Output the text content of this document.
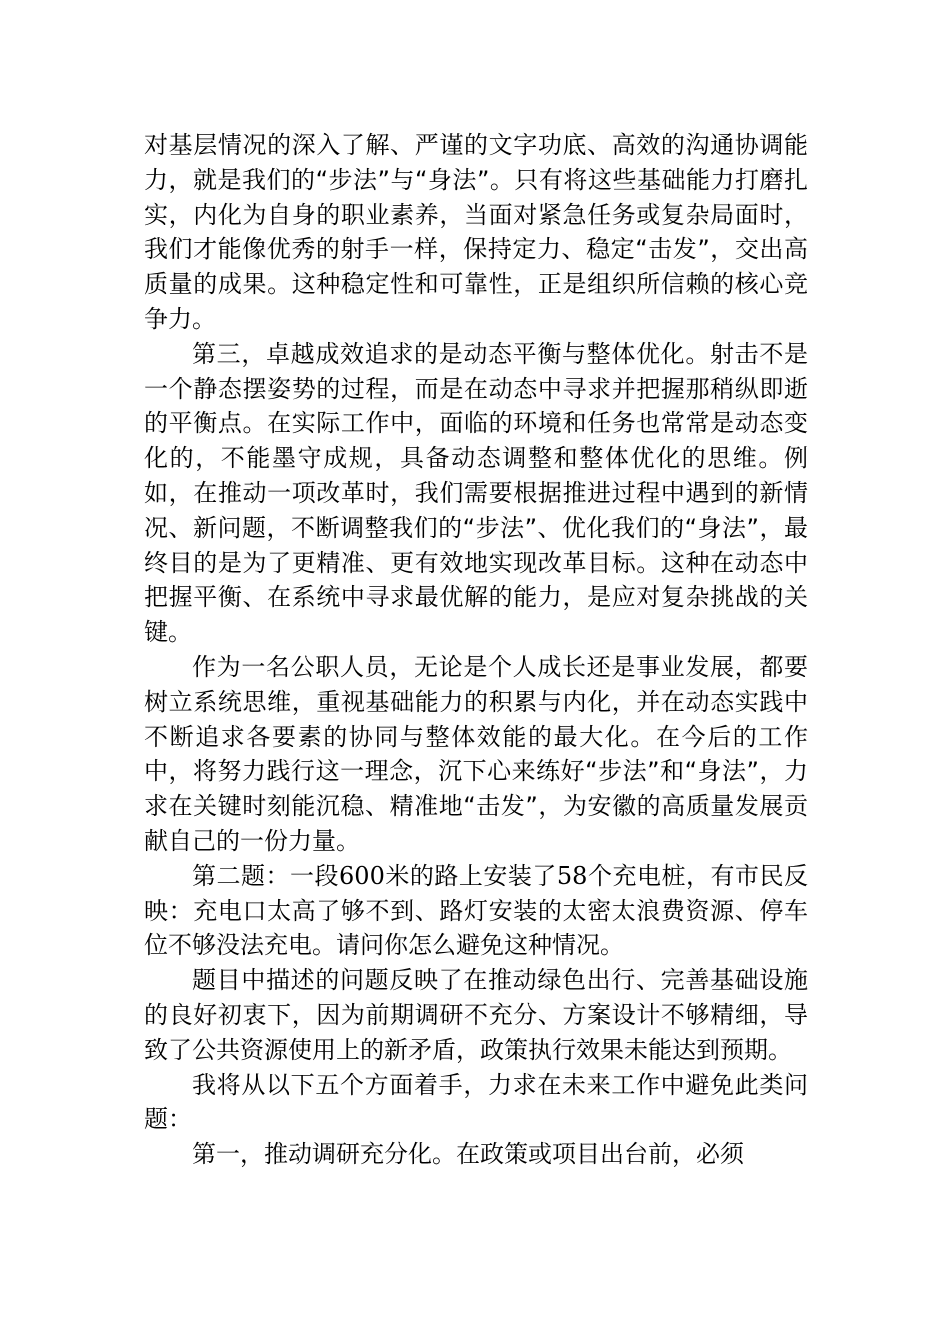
对基层情况的深入了解、严谨的文字功底、高效的沟通协调能力，就是我们的“步法”与“身法”。只有将这些基础能力打磨扎实，内化为自身的职业素养，当面对紧急任务或复杂局面时，我们才能像优秀的射手一样，保持定力、稳定“击发”，交出高质量的成果。这种稳定性和可靠性，正是组织所信赖的核心竞争力。

第三，卓越成效追求的是动态平衡与整体优化。射击不是一个静态摆姿势的过程，而是在动态中寻求并把握那稍纵即逝的平衡点。在实际工作中，面临的环境和任务也常常是动态变化的，不能墨守成规，具备动态调整和整体优化的思维。例如，在推动一项改革时，我们需要根据推进过程中遇到的新情况、新问题，不断调整我们的“步法”、优化我们的“身法”，最终目的是为了更精准、更有效地实现改革目标。这种在动态中把握平衡、在系统中寻求最优解的能力，是应对复杂挑战的关键。

作为一名公职人员，无论是个人成长还是事业发展，都要树立系统思维，重视基础能力的积累与内化，并在动态实践中不断追求各要素的协同与整体效能的最大化。在今后的工作中，将努力践行这一理念，沉下心来练好“步法”和“身法”，力求在关键时刻能沉稳、精准地“击发”，为安徽的高质量发展贡献自己的一份力量。

第二题：一段600米的路上安装了58个充电桩，有市民反映：充电口太高了够不到、路灯安装的太密太浪费资源、停车位不够没法充电。请问你怎么避免这种情况。

题目中描述的问题反映了在推动绿色出行、完善基础设施的良好初衷下，因为前期调研不充分、方案设计不够精细，导致了公共资源使用上的新矛盾，政策执行效果未能达到预期。

我将从以下五个方面着手，力求在未来工作中避免此类问题：

第一，推动调研充分化。在政策或项目出台前，必须
